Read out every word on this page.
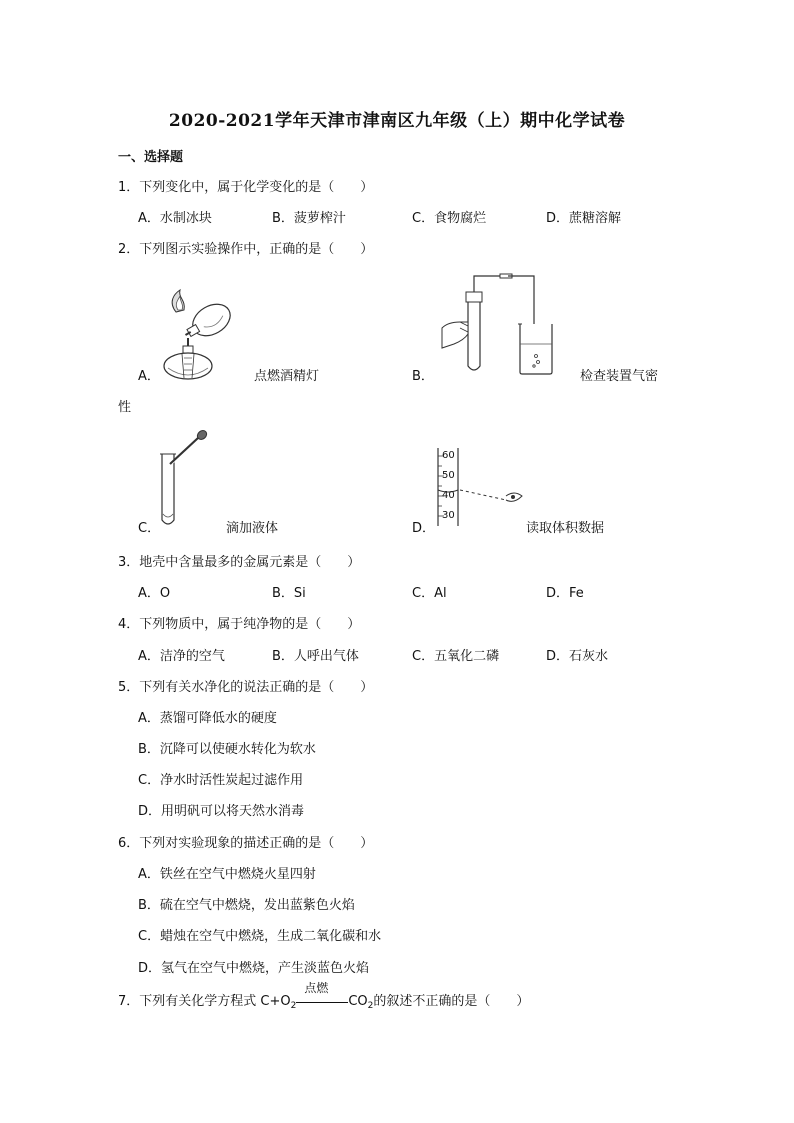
2020-2021学年天津市津南区九年级（上）期中化学试卷
一、选择题
1．下列变化中，属于化学变化的是（　　）
A．水制冰块	B．菠萝榨汁	C．食物腐烂	D．蔗糖溶解
2．下列图示实验操作中，正确的是（　　）
A．	点燃酒精灯	B．	检查装置气密
性
C．	滴加液体
60
50
40
30
D．	读取体积数据
3．地壳中含量最多的金属元素是（　　）
A．O	B．Si	C．Al	D．Fe
4．下列物质中，属于纯净物的是（　　）
A．洁净的空气	B．人呼出气体	C．五氧化二磷	D．石灰水
5．下列有关水净化的说法正确的是（　　）
A．蒸馏可降低水的硬度
B．沉降可以使硬水转化为软水
C．净水时活性炭起过滤作用
D．用明矾可以将天然水消毒
6．下列对实验现象的描述正确的是（　　）
A．铁丝在空气中燃烧火星四射
B．硫在空气中燃烧，发出蓝紫色火焰
C．蜡烛在空气中燃烧，生成二氧化碳和水
D．氢气在空气中燃烧，产生淡蓝色火焰
7．下列有关化学方程式 $C+O_2$
点燃
$CO_2$的叙述不正确的是（　　）
